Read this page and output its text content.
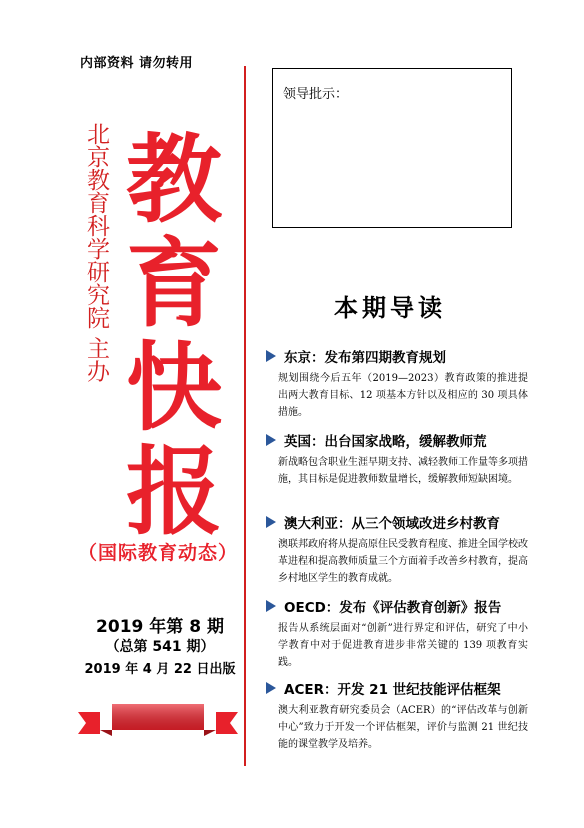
内部资料 请勿转用
北京教育科学研究院 主办 教
育
快
报
（国际教育动态）
2019 年第 8 期
（总第 541 期）
2019 年 4 月 22 日出版
领导批示：
本期导读
东京：发布第四期教育规划
规划围绕今后五年（2019—2023）教育政策的推进提出两大教育目标、12 项基本方针以及相应的 30 项具体措施。
英国：出台国家战略，缓解教师荒
新战略包含职业生涯早期支持、减轻教师工作量等多项措施，其目标是促进教师数量增长，缓解教师短缺困境。
澳大利亚：从三个领域改进乡村教育
澳联邦政府将从提高原住民受教育程度、推进全国学校改革进程和提高教师质量三个方面着手改善乡村教育，提高乡村地区学生的教育成就。
OECD：发布《评估教育创新》报告
报告从系统层面对“创新”进行界定和评估，研究了中小学教育中对于促进教育进步非常关键的 139 项教育实践。
ACER：开发 21 世纪技能评估框架
澳大利亚教育研究委员会（ACER）的“评估改革与创新中心”致力于开发一个评估框架，评价与监测 21 世纪技能的课堂教学及培养。
